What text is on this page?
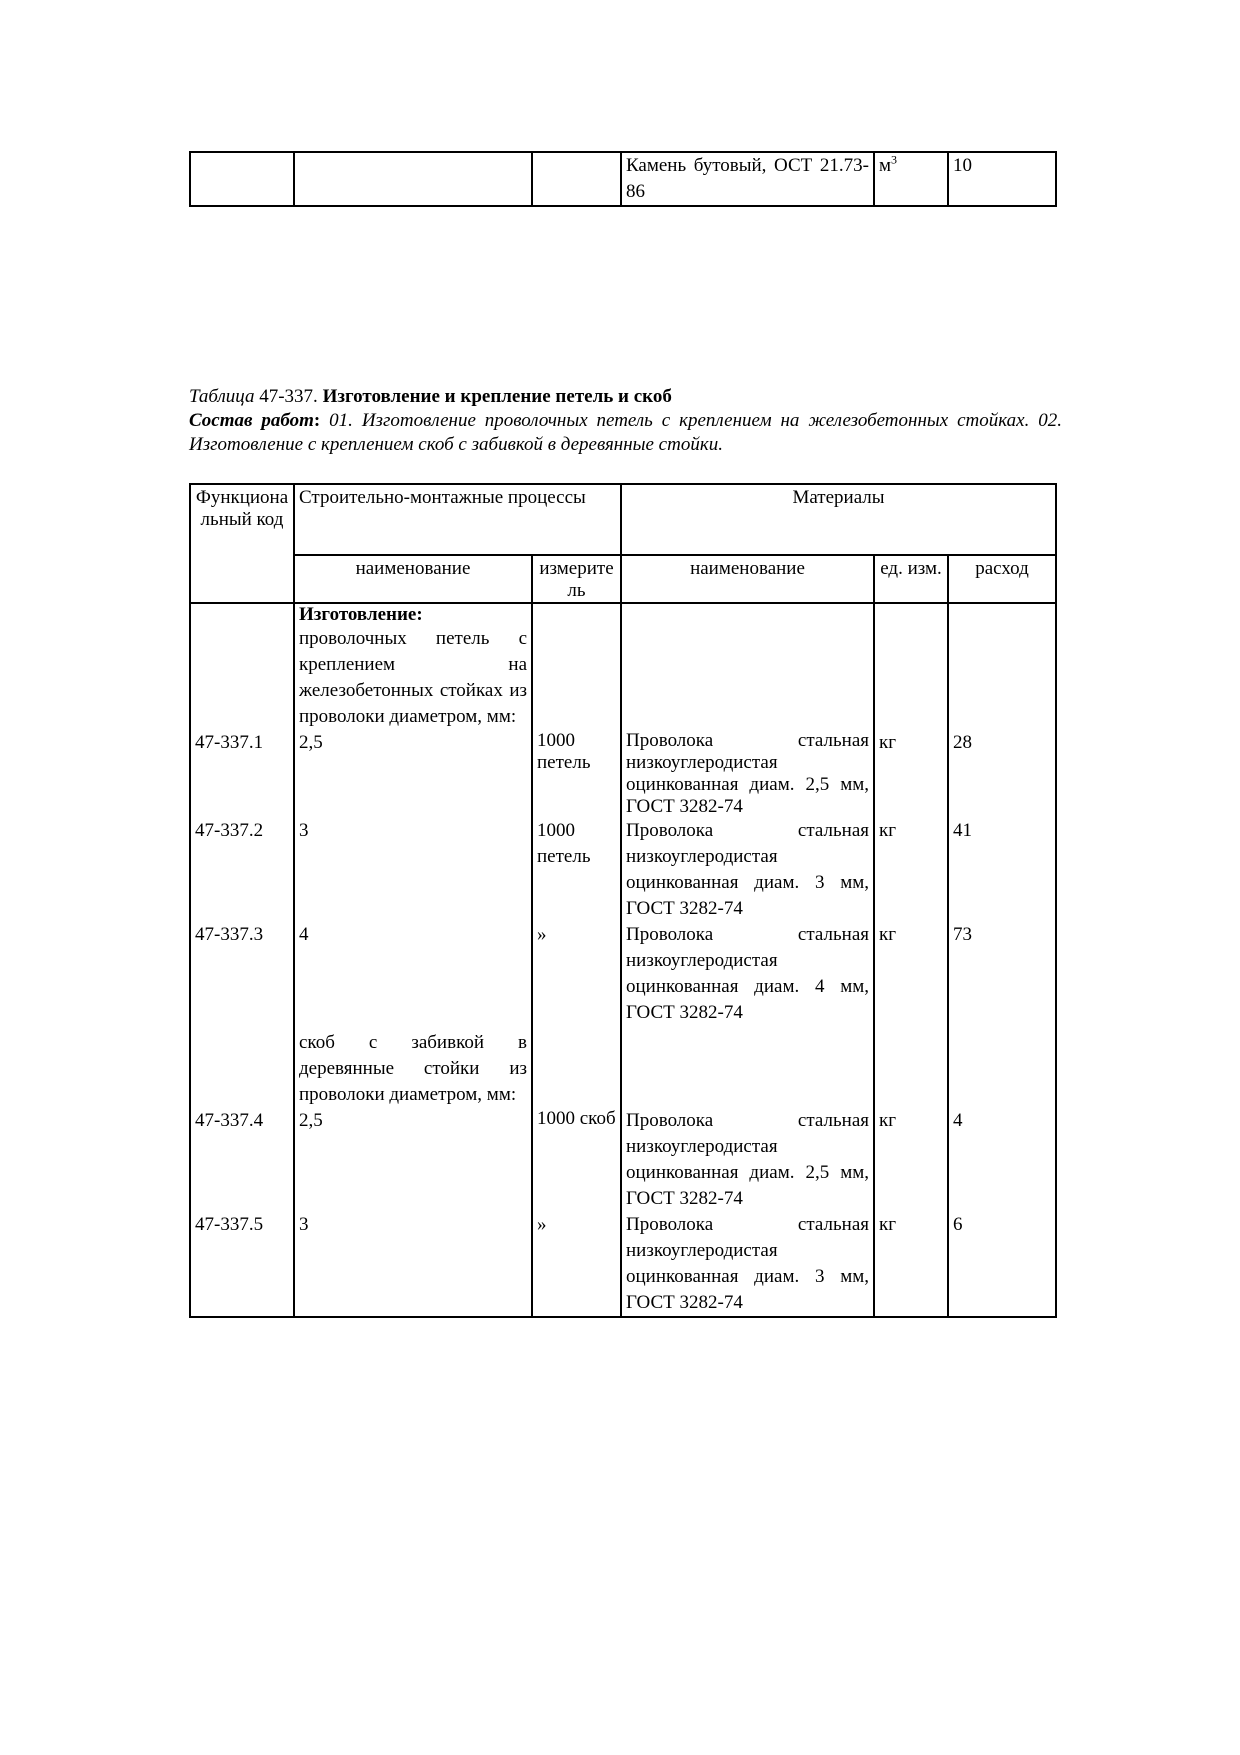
			Камень бутовый, ОСТ 21.73-86	$м^3$	10
Таблица 47-337. Изготовление и крепление петель и скоб
Состав работ: 01. Изготовление проволочных петель с креплением на железобетонных стойках. 02. Изготовление с креплением скоб с забивкой в деревянные стойки.
Функциональный код	Строительно-монтажные процессы		Материалы		
	наименование	измеритель	наименование	ед. изм.	расход

	Изготовление:
проволочных петель с креплением на железобетонных стойках из проволоки диаметром, мм:				

47-337.1	2,5	1000 петель	Проволока стальная низкоуглеродистая оцинкованная диам. 2,5 мм, ГОСТ 3282-74	кг	28
47-337.2	3	1000 петель	Проволока стальная низкоуглеродистая оцинкованная диам. 3 мм, ГОСТ 3282-74	кг	41
47-337.3	4	»	Проволока стальная низкоуглеродистая оцинкованная диам. 4 мм, ГОСТ 3282-74	кг	73
	скоб с забивкой в деревянные стойки из проволоки диаметром, мм:				
47-337.4	2,5	1000 скоб	Проволока стальная низкоуглеродистая оцинкованная диам. 2,5 мм, ГОСТ 3282-74	кг	4
47-337.5	3	»	Проволока стальная низкоуглеродистая оцинкованная диам. 3 мм, ГОСТ 3282-74	кг	6
